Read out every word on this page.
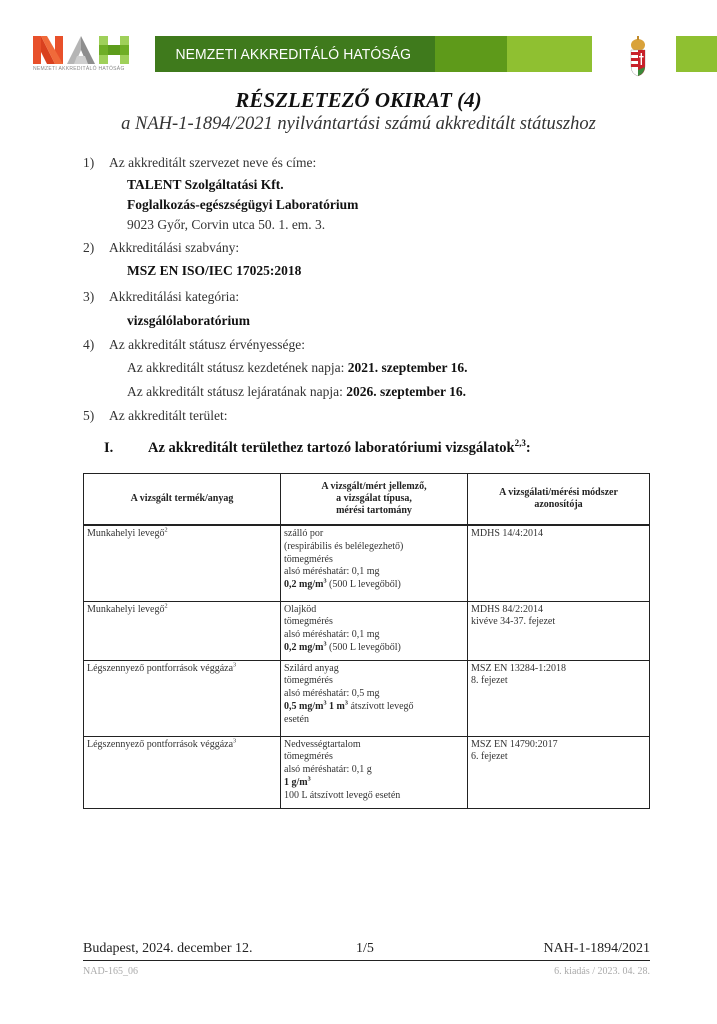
NEMZETI AKKREDITÁLÓ HATÓSÁG
NEMZETI AKKREDITÁLÓ HATÓSÁG
RÉSZLETEZŐ OKIRAT (4)
a NAH-1-1894/2021 nyilvántartási számú akkreditált státuszhoz
1) Az akkreditált szervezet neve és címe:
TALENT Szolgáltatási Kft.
Foglalkozás-egészségügyi Laboratórium
9023 Győr, Corvin utca 50. 1. em. 3.
2) Akkreditálási szabvány:
MSZ EN ISO/IEC 17025:2018
3) Akkreditálási kategória:
vizsgálólaboratórium
4) Az akkreditált státusz érvényessége:
Az akkreditált státusz kezdetének napja: 2021. szeptember 16.
Az akkreditált státusz lejáratának napja: 2026. szeptember 16.
5) Az akkreditált terület:
I. Az akkreditált területhez tartozó laboratóriumi vizsgálatok$^{2,3}$:
A vizsgált termék/anyag	A vizsgált/mért jellemző,
a vizsgálat típusa,
mérési tartomány	A vizsgálati/mérési módszer
azonosítója
Munkahelyi levegő$^2$	szálló por
(respirábilis és belélegezhető)
tömegmérés
alsó méréshatár: 0,1 mg
0,2 $mg/m^3$ (500 L levegőből)	MDHS 14/4:2014

Munkahelyi levegő$^2$	Olajköd
tömegmérés
alsó méréshatár: 0,1 mg
0,2 $mg/m^3$ (500 L levegőből)	MDHS 84/2:2014
kivéve 34-37. fejezet

Légszennyező pontforrások véggáza$^3$	Szilárd anyag
tömegmérés
alsó méréshatár: 0,5 mg
0,5 $mg/m^3$ 1 $m^3$ átszívott levegő
esetén	MSZ EN 13284-1:2018
8. fejezet

Légszennyező pontforrások véggáza$^3$	Nedvességtartalom
tömegmérés
alsó méréshatár: 0,1 g
1 $g/m^3$
100 L átszívott levegő esetén	MSZ EN 14790:2017
6. fejezet
Budapest, 2024. december 12.	1/5	NAH-1-1894/2021
NAD-165_06	6. kiadás / 2023. 04. 28.
